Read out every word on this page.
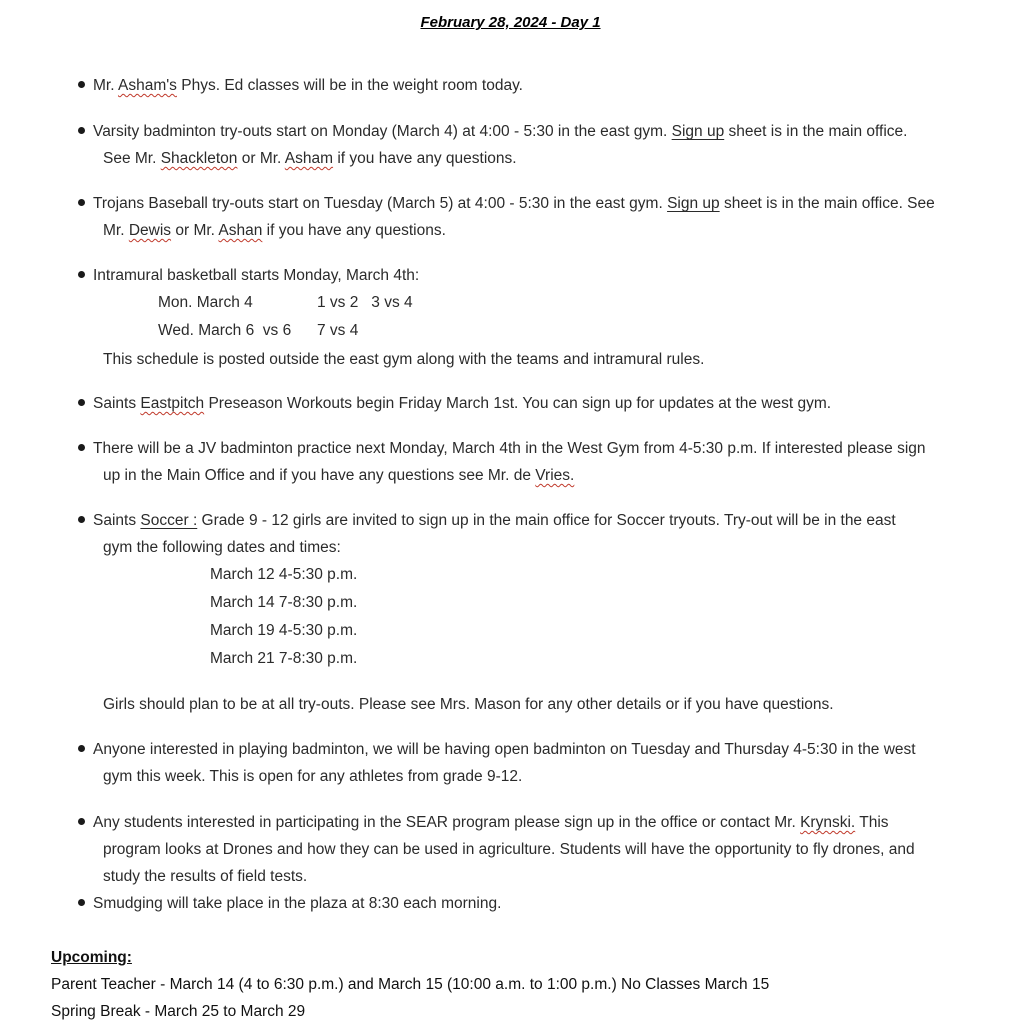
February 28, 2024 - Day 1
Mr. Asham's Phys. Ed classes will be in the weight room today.
Varsity badminton try-outs start on Monday (March 4) at 4:00 - 5:30 in the east gym. Sign up sheet is in the main office.
See Mr. Shackleton or Mr. Asham if you have any questions.
Trojans Baseball try-outs start on Tuesday (March 5) at 4:00 - 5:30 in the east gym. Sign up sheet is in the main office. See
Mr. Dewis or Mr. Ashan if you have any questions.
Intramural basketball starts Monday, March 4th:
Mon. March 4	1 vs 2   3 vs 4
Wed. March 6  vs 6 7 vs 4
This schedule is posted outside the east gym along with the teams and intramural rules.
Saints Eastpitch Preseason Workouts begin Friday March 1st. You can sign up for updates at the west gym.
There will be a JV badminton practice next Monday, March 4th in the West Gym from 4-5:30 p.m. If interested please sign
up in the Main Office and if you have any questions see Mr. de Vries.
Saints Soccer : Grade 9 - 12 girls are invited to sign up in the main office for Soccer tryouts. Try-out will be in the east
gym the following dates and times:
March 12 4-5:30 p.m.
March 14 7-8:30 p.m.
March 19 4-5:30 p.m.
March 21 7-8:30 p.m.
Girls should plan to be at all try-outs. Please see Mrs. Mason for any other details or if you have questions.
Anyone interested in playing badminton, we will be having open badminton on Tuesday and Thursday 4-5:30 in the west
gym this week. This is open for any athletes from grade 9-12.
Any students interested in participating in the SEAR program please sign up in the office or contact Mr. Krynski. This
program looks at Drones and how they can be used in agriculture. Students will have the opportunity to fly drones, and
study the results of field tests.
Smudging will take place in the plaza at 8:30 each morning.
Upcoming:
Parent Teacher - March 14 (4 to 6:30 p.m.) and March 15 (10:00 a.m. to 1:00 p.m.) No Classes March 15
Spring Break - March 25 to March 29
